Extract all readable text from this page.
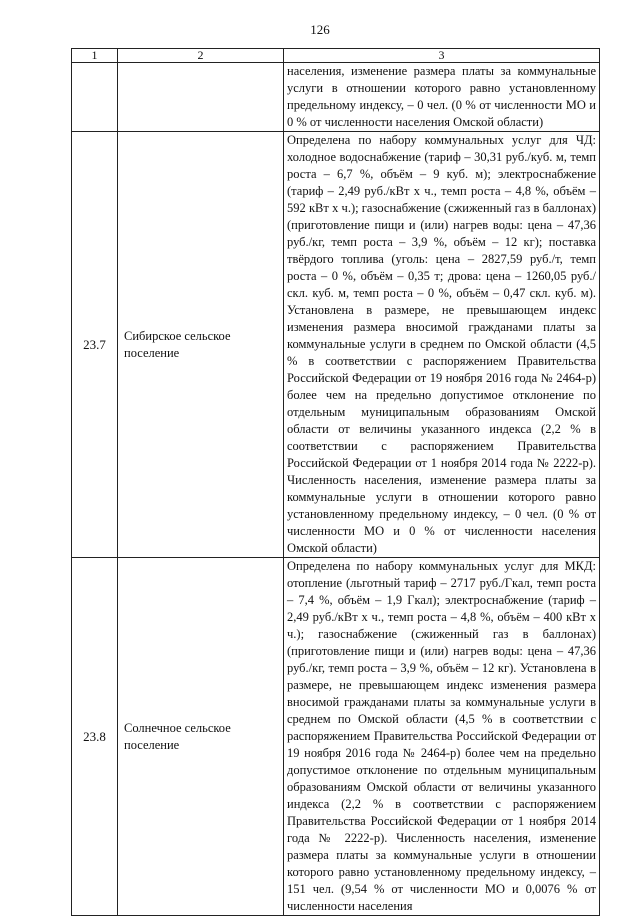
126
1	2	3
		населения, изменение размера платы за коммунальные услуги в отношении которого равно установленному предельному индексу, – 0 чел. (0 % от численности МО и 0 % от численности населения Омской области)
23.7	Сибирское сельское поселение	Определена по набору коммунальных услуг для ЧД: холодное водоснабжение (тариф – 30,31 руб./куб. м, темп роста – 6,7 %, объём – 9 куб. м); электроснабжение (тариф – 2,49 руб./кВт х ч., темп роста – 4,8 %, объём – 592 кВт х ч.); газоснабжение (сжиженный газ в баллонах) (приготовление пищи и (или) нагрев воды: цена – 47,36 руб./кг, темп роста – 3,9 %, объём – 12 кг); поставка твёрдого топлива (уголь: цена – 2827,59 руб./т, темп роста – 0 %, объём – 0,35 т; дрова: цена – 1260,05 руб./скл. куб. м, темп роста – 0 %, объём – 0,47 скл. куб. м). Установлена в размере, не превышающем индекс изменения размера вносимой гражданами платы за коммунальные услуги в среднем по Омской области (4,5 % в соответствии с распоряжением Правительства Российской Федерации от 19 ноября 2016 года № 2464-р) более чем на предельно допустимое отклонение по отдельным муниципальным образованиям Омской области от величины указанного индекса (2,2 % в соответствии с распоряжением Правительства Российской Федерации от 1 ноября 2014 года № 2222-р). Численность населения, изменение размера платы за коммунальные услуги в отношении которого равно установленному предельному индексу, – 0 чел. (0 % от численности МО и 0 % от численности населения Омской области)
23.8	Солнечное сельское поселение	Определена по набору коммунальных услуг для МКД: отопление (льготный тариф – 2717 руб./Гкал, темп роста – 7,4 %, объём – 1,9 Гкал); электроснабжение (тариф – 2,49 руб./кВт х ч., темп роста – 4,8 %, объём – 400 кВт х ч.); газоснабжение (сжиженный газ в баллонах) (приготовление пищи и (или) нагрев воды: цена – 47,36 руб./кг, темп роста – 3,9 %, объём – 12 кг). Установлена в размере, не превышающем индекс изменения размера вносимой гражданами платы за коммунальные услуги в среднем по Омской области (4,5 % в соответствии с распоряжением Правительства Российской Федерации от 19 ноября 2016 года № 2464-р) более чем на предельно допустимое отклонение по отдельным муниципальным образованиям Омской области от величины указанного индекса (2,2 % в соответствии с распоряжением Правительства Российской Федерации от 1 ноября 2014 года № 2222-р). Численность населения, изменение размера платы за коммунальные услуги в отношении которого равно установленному предельному индексу, – 151 чел. (9,54 % от численности МО и 0,0076 % от численности населения
